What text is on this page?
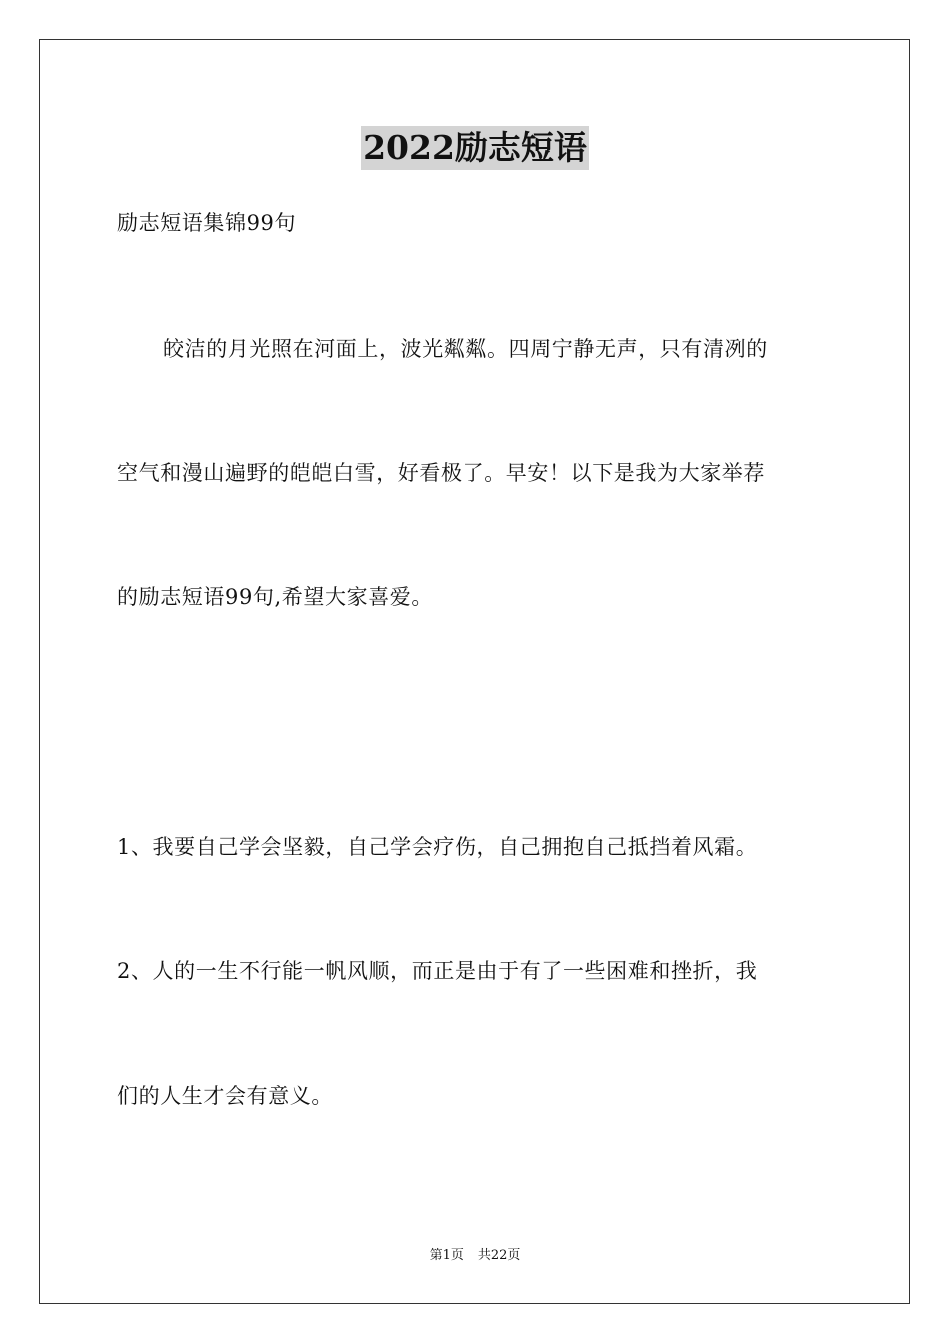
2022励志短语
励志短语集锦99句
皎洁的月光照在河面上，波光粼粼。四周宁静无声，只有清冽的
空气和漫山遍野的皑皑白雪，好看极了。早安！以下是我为大家举荐
的励志短语99句,希望大家喜爱。
1、我要自己学会坚毅，自己学会疗伤，自己拥抱自己抵挡着风霜。
2、人的一生不行能一帆风顺，而正是由于有了一些困难和挫折，我
们的人生才会有意义。
第1页 共22页
